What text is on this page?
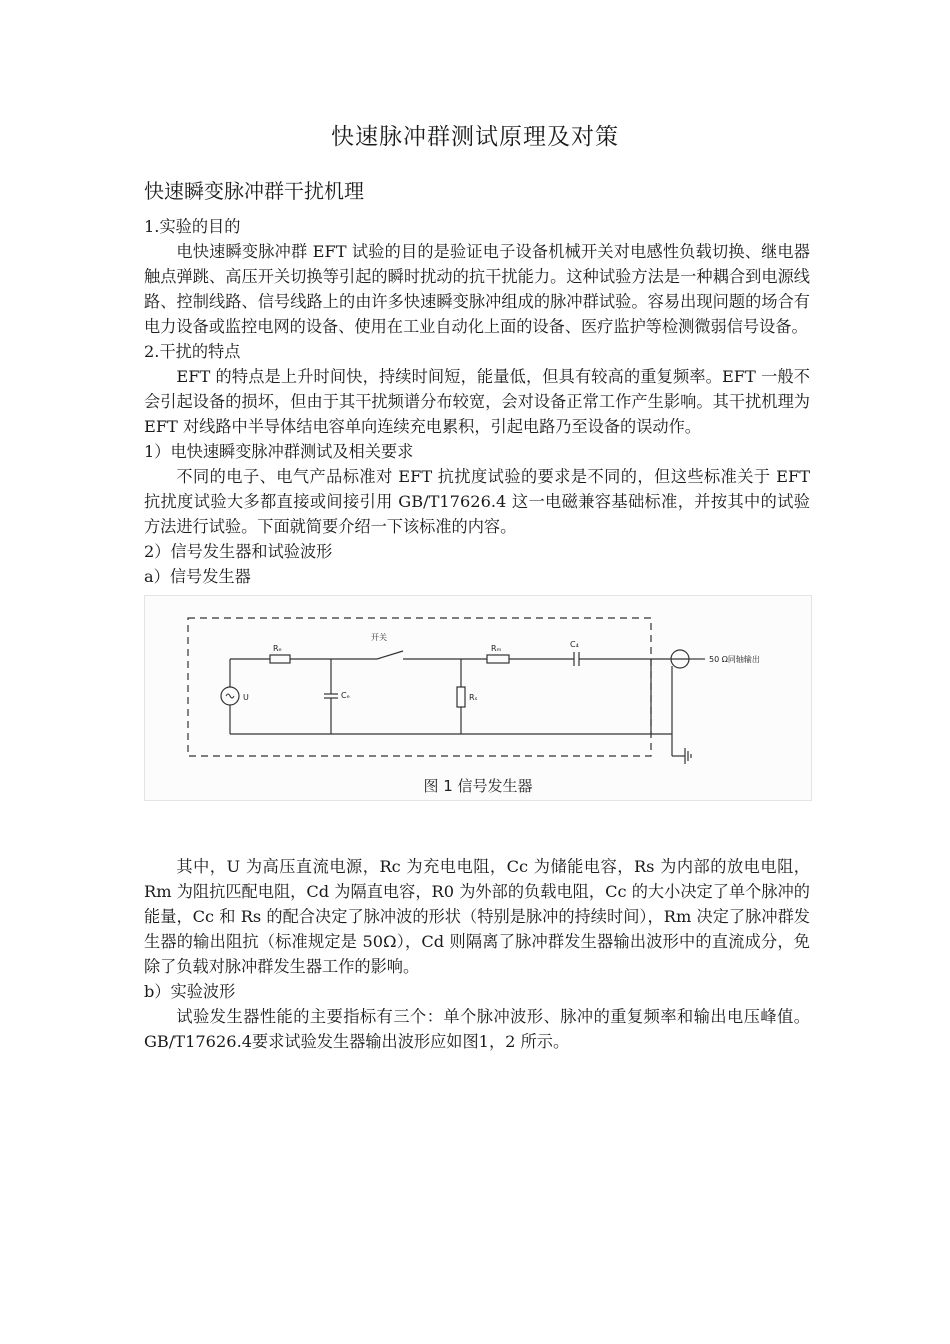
快速脉冲群测试原理及对策
快速瞬变脉冲群干扰机理

1.实验的目的

电快速瞬变脉冲群 EFT 试验的目的是验证电子设备机械开关对电感性负载切换、继电器触点弹跳、高压开关切换等引起的瞬时扰动的抗干扰能力。这种试验方法是一种耦合到电源线路、控制线路、信号线路上的由许多快速瞬变脉冲组成的脉冲群试验。容易出现问题的场合有电力设备或监控电网的设备、使用在工业自动化上面的设备、医疗监护等检测微弱信号设备。

2.干扰的特点

EFT 的特点是上升时间快，持续时间短，能量低，但具有较高的重复频率。EFT 一般不会引起设备的损坏，但由于其干扰频谱分布较宽，会对设备正常工作产生影响。其干扰机理为 EFT 对线路中半导体结电容单向连续充电累积，引起电路乃至设备的误动作。

1）电快速瞬变脉冲群测试及相关要求

不同的电子、电气产品标准对 EFT 抗扰度试验的要求是不同的，但这些标准关于 EFT 抗扰度试验大多都直接或间接引用 GB/T17626.4 这一电磁兼容基础标准，并按其中的试验方法进行试验。下面就简要介绍一下该标准的内容。

2）信号发生器和试验波形

a）信号发生器

U
Rₑ
Cₑ
开关
Rₛ
Rₘ	C₄
50 Ω同轴输出
图 1 信号发生器

其中，U 为高压直流电源，Rc 为充电电阻，Cc 为储能电容，Rs 为内部的放电电阻，Rm 为阻抗匹配电阻，Cd 为隔直电容，R0 为外部的负载电阻，Cc 的大小决定了单个脉冲的能量，Cc 和 Rs 的配合决定了脉冲波的形状（特别是脉冲的持续时间），Rm 决定了脉冲群发生器的输出阻抗（标准规定是 50Ω），Cd 则隔离了脉冲群发生器输出波形中的直流成分，免除了负载对脉冲群发生器工作的影响。

b）实验波形

试验发生器性能的主要指标有三个：单个脉冲波形、脉冲的重复频率和输出电压峰值。GB/T17626.4要求试验发生器输出波形应如图1，2 所示。
